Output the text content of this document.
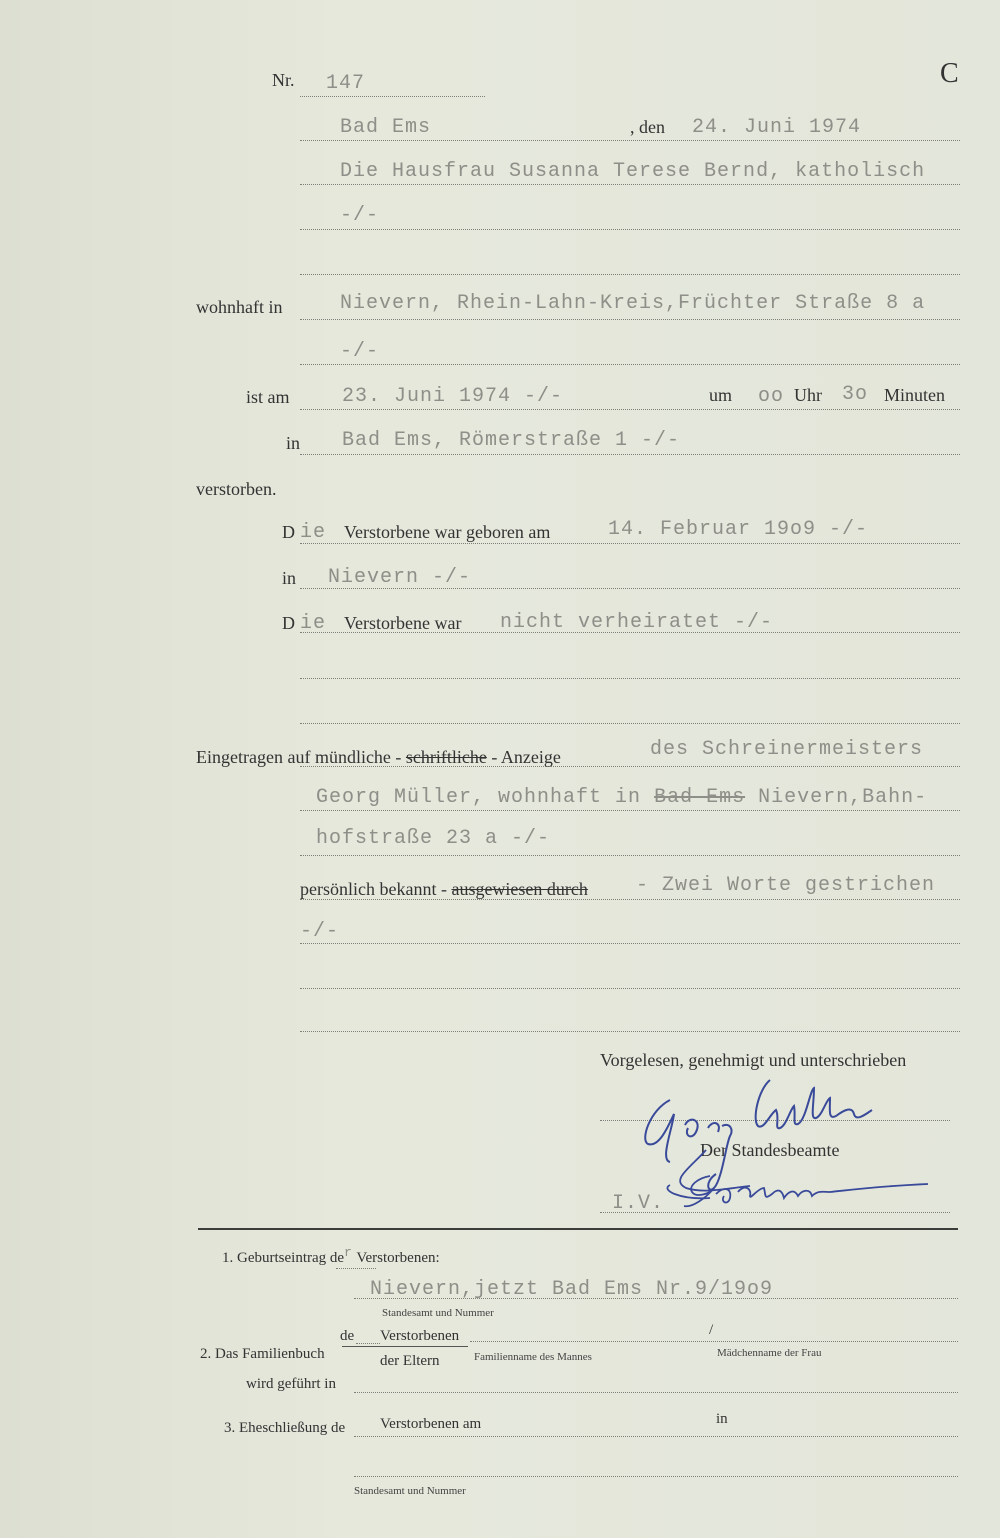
C
Nr. 147
Bad Ems	, den 24. Juni 1974
Die Hausfrau Susanna Terese Bernd, katholisch
-/-
wohnhaft in	Nievern, Rhein-Lahn-Kreis,Früchter Straße 8 a
-/-
ist am	23. Juni 1974 -/-	um oo Uhr 3o Minuten
in Bad Ems, Römerstraße 1 -/-
verstorben.
D ie Verstorbene war geboren am	14. Februar 19o9 -/-
in Nievern -/-
D ie Verstorbene war nicht verheiratet -/-
Eingetragen auf mündliche - schriftliche - Anzeige	des Schreinermeisters
Georg Müller, wohnhaft in Bad Ems Nievern,Bahn-
hofstraße 23 a -/-
persönlich bekannt - ausgewiesen durch - Zwei Worte gestrichen
-/-
Vorgelesen, genehmigt und unterschrieben
Der Standesbeamte
I.V.
1. Geburtseintrag der Verstorbenen:
Nievern,jetzt Bad Ems Nr.9/19o9
Standesamt und Nummer
de Verstorbenen
der Eltern
2. Das Familienbuch
/
Familienname des Mannes	Mädchenname der Frau
wird geführt in
3. Eheschließung de Verstorbenen am	in
Standesamt und Nummer
